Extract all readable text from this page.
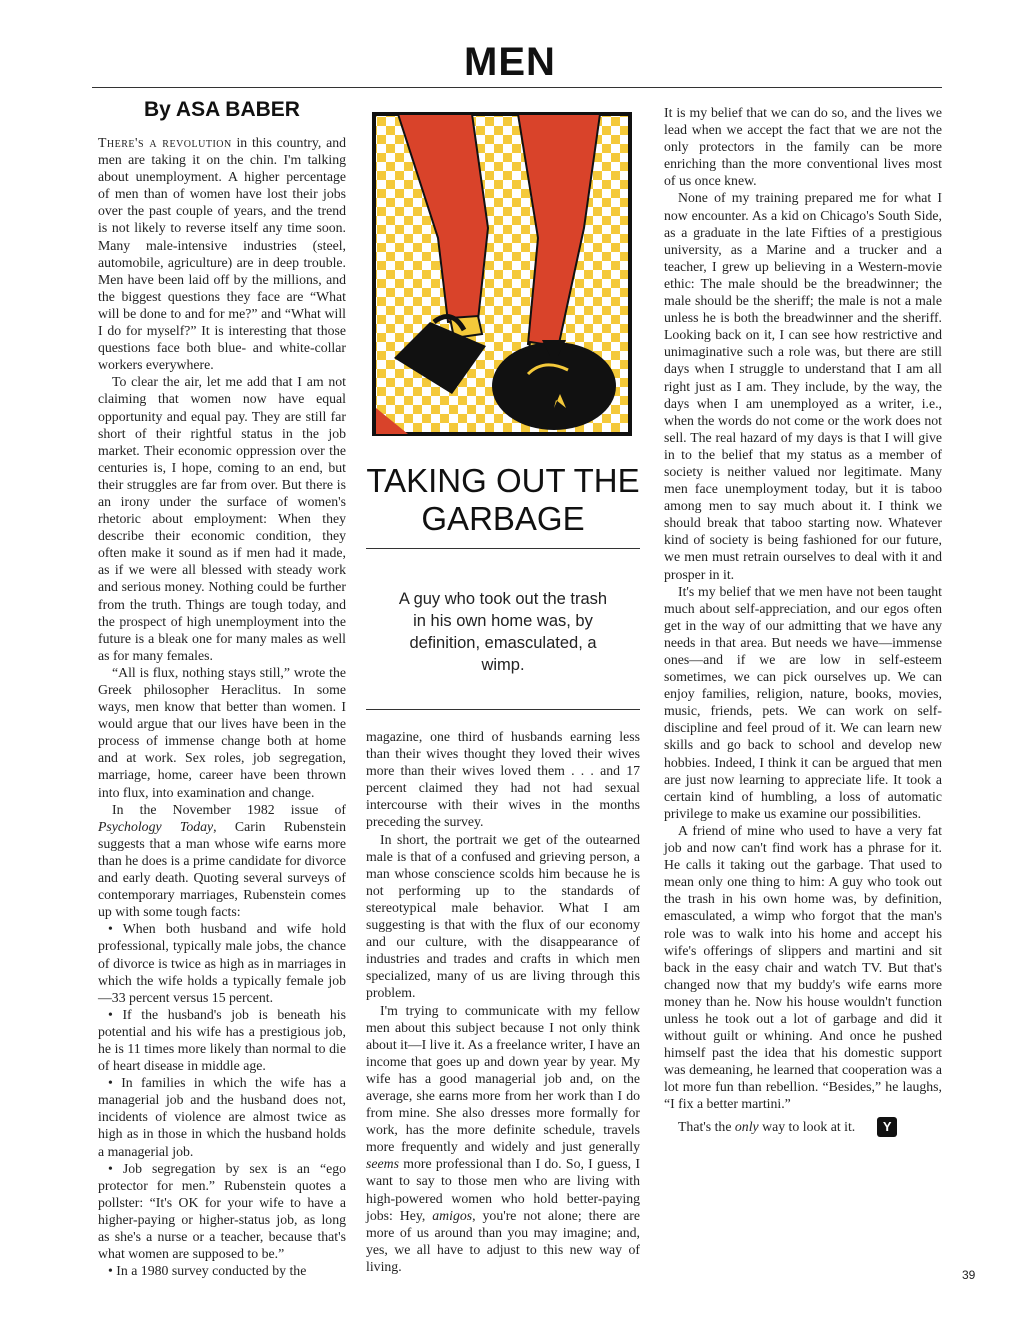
MEN
By ASA BABER

There's a revolution in this country, and men are taking it on the chin. I'm talking about unemployment. A higher percentage of men than of women have lost their jobs over the past couple of years, and the trend is not likely to reverse itself any time soon. Many male-intensive industries (steel, automobile, agriculture) are in deep trouble. Men have been laid off by the millions, and the biggest questions they face are “What will be done to and for me?” and “What will I do for myself?” It is interesting that those questions face both blue- and white-collar workers everywhere.

To clear the air, let me add that I am not claiming that women now have equal opportunity and equal pay. They are still far short of their rightful status in the job market. Their economic oppression over the centuries is, I hope, coming to an end, but their struggles are far from over. But there is an irony under the surface of women's rhetoric about employment: When they describe their economic condition, they often make it sound as if men had it made, as if we were all blessed with steady work and serious money. Nothing could be further from the truth. Things are tough today, and the prospect of high unemployment into the future is a bleak one for many males as well as for many females.

“All is flux, nothing stays still,” wrote the Greek philosopher Heraclitus. In some ways, men know that better than women. I would argue that our lives have been in the process of immense change both at home and at work. Sex roles, job segregation, marriage, home, career have been thrown into flux, into examination and change.

In the November 1982 issue of Psychology Today, Carin Rubenstein suggests that a man whose wife earns more than he does is a prime candidate for divorce and early death. Quoting several surveys of contemporary marriages, Rubenstein comes up with some tough facts:

• When both husband and wife hold professional, typically male jobs, the chance of divorce is twice as high as in marriages in which the wife holds a typically female job—33 percent versus 15 percent.

• If the husband's job is beneath his potential and his wife has a prestigious job, he is 11 times more likely than normal to die of heart disease in middle age.

• In families in which the wife has a managerial job and the husband does not, incidents of violence are almost twice as high as in those in which the husband holds a managerial job.

• Job segregation by sex is an “ego protector for men.” Rubenstein quotes a pollster: “It's OK for your wife to have a higher-paying or higher-status job, as long as she's a nurse or a teacher, because that's what women are supposed to be.”

• In a 1980 survey conducted by the

TAKING OUT THE GARBAGE

A guy who took out the trash in his own home was, by definition, emasculated, a wimp.

magazine, one third of husbands earning less than their wives thought they loved their wives more than their wives loved them . . . and 17 percent claimed they had not had sexual intercourse with their wives in the months preceding the survey.

In short, the portrait we get of the outearned male is that of a confused and grieving person, a man whose conscience scolds him because he is not performing up to the standards of stereotypical male behavior. What I am suggesting is that with the flux of our economy and our culture, with the disappearance of industries and trades and crafts in which men specialized, many of us are living through this problem.

I'm trying to communicate with my fellow men about this subject because I not only think about it—I live it. As a freelance writer, I have an income that goes up and down year by year. My wife has a good managerial job and, on the average, she earns more from her work than I do from mine. She also dresses more formally for work, has the more definite schedule, travels more frequently and widely and just generally seems more professional than I do. So, I guess, I want to say to those men who are living with high-powered women who hold better-paying jobs: Hey, amigos, you're not alone; there are more of us around than you may imagine; and, yes, we all have to adjust to this new way of living.

It is my belief that we can do so, and the lives we lead when we accept the fact that we are not the only protectors in the family can be more enriching than the more conventional lives most of us once knew.

None of my training prepared me for what I now encounter. As a kid on Chicago's South Side, as a graduate in the late Fifties of a prestigious university, as a Marine and a trucker and a teacher, I grew up believing in a Western-movie ethic: The male should be the breadwinner; the male should be the sheriff; the male is not a male unless he is both the breadwinner and the sheriff. Looking back on it, I can see how restrictive and unimaginative such a role was, but there are still days when I struggle to understand that I am all right just as I am. They include, by the way, the days when I am unemployed as a writer, i.e., when the words do not come or the work does not sell. The real hazard of my days is that I will give in to the belief that my status as a member of society is neither valued nor legitimate. Many men face unemployment today, but it is taboo among men to say much about it. I think we should break that taboo starting now. Whatever kind of society is being fashioned for our future, we men must retrain ourselves to deal with it and prosper in it.

It's my belief that we men have not been taught much about self-appreciation, and our egos often get in the way of our admitting that we have any needs in that area. But needs we have—immense ones—and if we are low in self-esteem sometimes, we can pick ourselves up. We can enjoy families, religion, nature, books, movies, music, friends, pets. We can work on self-discipline and feel proud of it. We can learn new skills and go back to school and develop new hobbies. Indeed, I think it can be argued that men are just now learning to appreciate life. It took a certain kind of humbling, a loss of automatic privilege to make us examine our possibilities.

A friend of mine who used to have a very fat job and now can't find work has a phrase for it. He calls it taking out the garbage. That used to mean only one thing to him: A guy who took out the trash in his own home was, by definition, emasculated, a wimp who forgot that the man's role was to walk into his home and accept his wife's offerings of slippers and martini and sit back in the easy chair and watch TV. But that's changed now that my buddy's wife earns more money than he. Now his house wouldn't function unless he took out a lot of garbage and did it without guilt or whining. And once he pushed himself past the idea that his domestic support was demeaning, he learned that cooperation was a lot more fun than rebellion. “Besides,” he laughs, “I fix a better martini.”

That's the only way to look at it.	Y
39
